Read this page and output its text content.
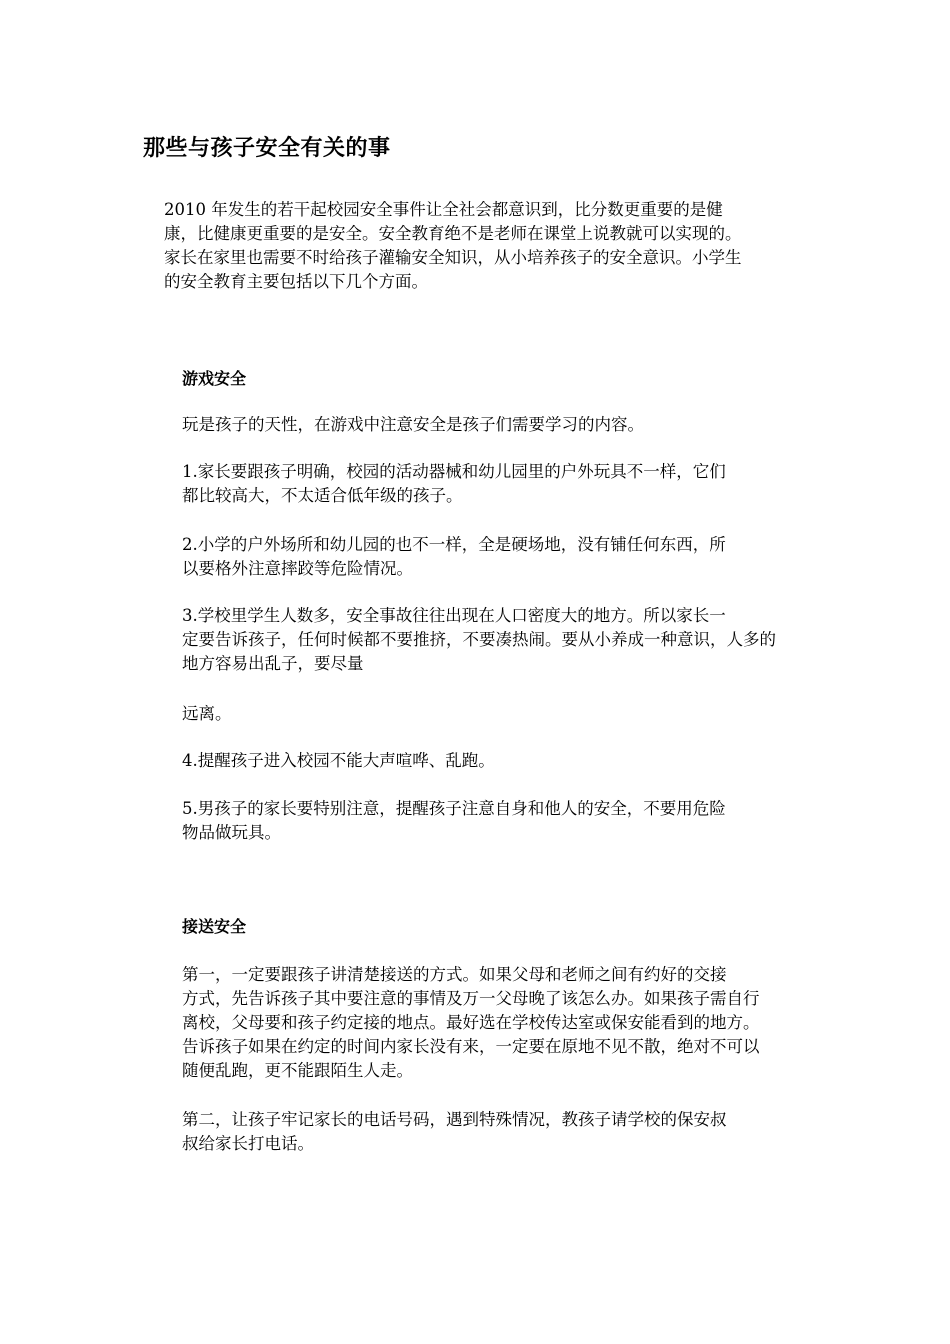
那些与孩子安全有关的事

2010 年发生的若干起校园安全事件让全社会都意识到，比分数更重要的是健
康，比健康更重要的是安全。安全教育绝不是老师在课堂上说教就可以实现的。
家长在家里也需要不时给孩子灌输安全知识，从小培养孩子的安全意识。小学生
的安全教育主要包括以下几个方面。

游戏安全

玩是孩子的天性，在游戏中注意安全是孩子们需要学习的内容。

1.家长要跟孩子明确，校园的活动器械和幼儿园里的户外玩具不一样，它们
都比较高大，不太适合低年级的孩子。

2.小学的户外场所和幼儿园的也不一样，全是硬场地，没有铺任何东西，所
以要格外注意摔跤等危险情况。

3.学校里学生人数多，安全事故往往出现在人口密度大的地方。所以家长一
定要告诉孩子，任何时候都不要推挤，不要凑热闹。要从小养成一种意识，人多的
地方容易出乱子，要尽量

远离。

4.提醒孩子进入校园不能大声喧哗、乱跑。

5.男孩子的家长要特别注意，提醒孩子注意自身和他人的安全，不要用危险
物品做玩具。

接送安全

第一，一定要跟孩子讲清楚接送的方式。如果父母和老师之间有约好的交接
方式，先告诉孩子其中要注意的事情及万一父母晚了该怎么办。如果孩子需自行
离校，父母要和孩子约定接的地点。最好选在学校传达室或保安能看到的地方。
告诉孩子如果在约定的时间内家长没有来，一定要在原地不见不散，绝对不可以
随便乱跑，更不能跟陌生人走。

第二，让孩子牢记家长的电话号码，遇到特殊情况，教孩子请学校的保安叔
叔给家长打电话。
